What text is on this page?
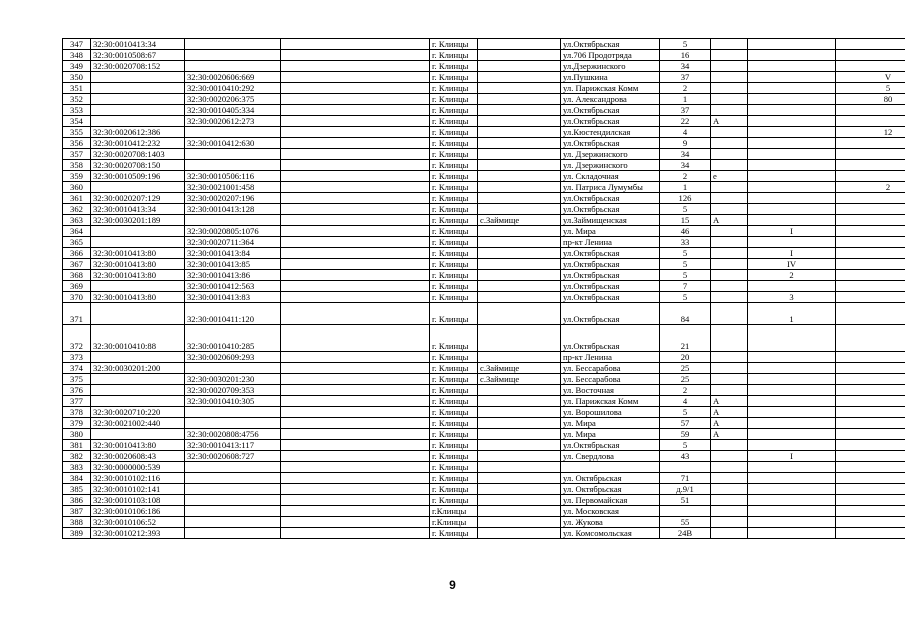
347	32:30:0010413:34			г. Клинцы		ул.Октябрьская	5			
348	32:30:0010508:67			г. Клинцы		ул.706 Продотряда	16			
349	32:30:0020708:152			г. Клинцы		ул.Дзержинского	34			
350		32:30:0020606:669		г. Клинцы		ул.Пушкина	37			V
351		32:30:0010410:292		г. Клинцы		ул. Парижская Комм	2			5
352		32:30:0020206:375		г. Клинцы		ул. Александрова	1			80
353		32:30:0010405:334		г. Клинцы		ул.Октябрьская	37			
354		32:30:0020612:273		г. Клинцы		ул.Октябрьская	22	А		
355	32:30:0020612:386			г. Клинцы		ул.Кюстендилская	4			12
356	32:30:0010412:232	32:30:0010412:630		г. Клинцы		ул.Октябрьская	9			
357	32:30:0020708:1403			г. Клинцы		ул. Дзержинского	34			
358	32:30:0020708:150			г. Клинцы		ул. Дзержинского	34			
359	32:30:0010509:196	32:30:0010506:116		г. Клинцы		ул. Складочная	2	е		
360		32:30:0021001:458		г. Клинцы		ул. Патриса Лумумбы	1			2
361	32:30:0020207:129	32:30:0020207:196		г. Клинцы		ул.Октябрьская	126			
362	32:30:0010413:34	32:30:0010413:128		г. Клинцы		ул.Октябрьская	5			
363	32:30:0030201:189			г. Клинцы	с.Займище	ул.Займищенская	15	А		
364		32:30:0020805:1076		г. Клинцы		ул. Мира	46		I	
365		32:30:0020711:364		г. Клинцы		пр-кт Ленина	33			
366	32:30:0010413:80	32:30:0010413:84		г. Клинцы		ул.Октябрьская	5		I	
367	32:30:0010413:80	32:30:0010413:85		г. Клинцы		ул.Октябрьская	5		IV	
368	32:30:0010413:80	32:30:0010413:86		г. Клинцы		ул.Октябрьская	5		2	
369		32:30:0010412:563		г. Клинцы		ул.Октябрьская	7			
370	32:30:0010413:80	32:30:0010413:83		г. Клинцы		ул.Октябрьская	5		3	
371		32:30:0010411:120		г. Клинцы		ул.Октябрьская	84		1	
372	32:30:0010410:88	32:30:0010410:285		г. Клинцы		ул.Октябрьская	21			
373		32:30:0020609:293		г. Клинцы		пр-кт Ленина	20			
374	32:30:0030201:200			г. Клинцы	с.Займище	ул. Бессарабова	25			
375		32:30:0030201:230		г. Клинцы	с.Займище	ул. Бессарабова	25			
376		32:30:0020709:353		г. Клинцы		ул. Восточная	2			
377		32:30:0010410:305		г. Клинцы		ул. Парижская Комм	4	А		
378	32:30:0020710:220			г. Клинцы		ул. Ворошилова	5	А		
379	32:30:0021002:440			г. Клинцы		ул. Мира	57	А		
380		32:30:0020808:4756		г. Клинцы		ул. Мира	59	А		
381	32:30:0010413:80	32:30:0010413:117		г. Клинцы		ул.Октябрьская	5			
382	32:30:0020608:43	32:30:0020608:727		г. Клинцы		ул. Свердлова	43		I	
383	32:30:0000000:539			г. Клинцы						
384	32:30:0010102:116			г. Клинцы		ул. Октябрьская	71			
385	32:30:0010102:141			г. Клинцы		ул. Октябрьская	д.9/1			
386	32:30:0010103:108			г. Клинцы		ул. Первомайская	51			
387	32:30:0010106:186			г.Клинцы		ул. Московская				
388	32:30:0010106:52			г.Клинцы		ул. Жукова	55			
389	32:30:0010212:393			г. Клинцы		ул. Комсомольская	24В			
9
